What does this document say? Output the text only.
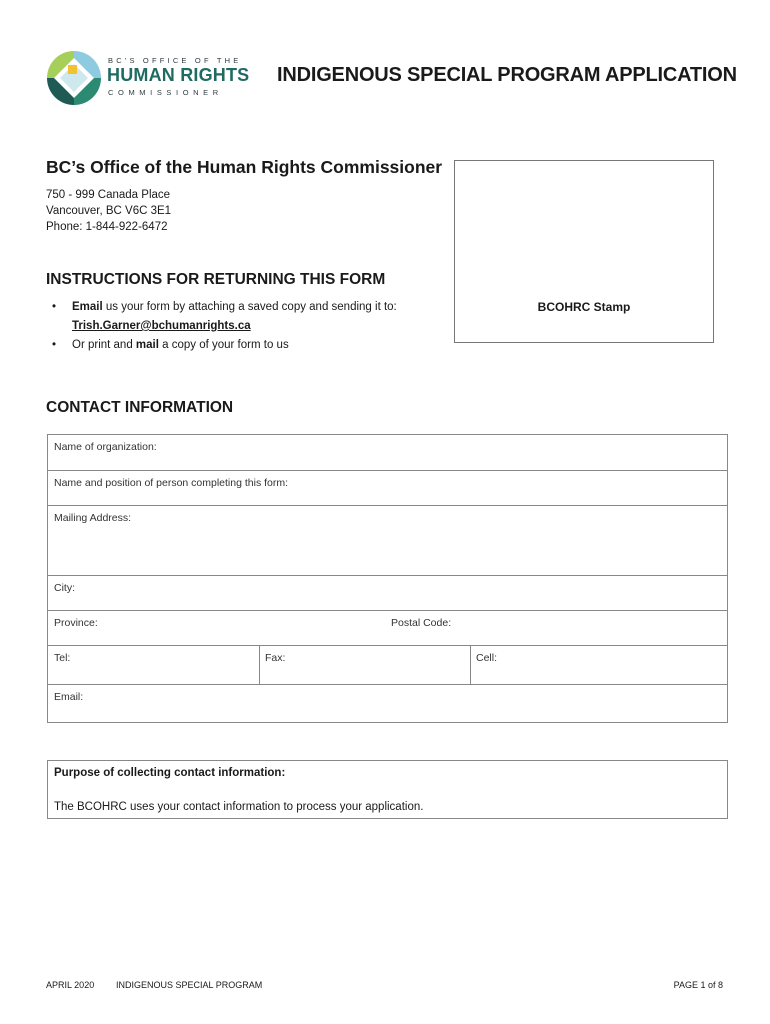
BC'S OFFICE OF THE
HUMAN RIGHTS
COMMISSIONER
INDIGENOUS SPECIAL PROGRAM APPLICATION
BC’s Office of the Human Rights Commissioner
750 - 999 Canada Place
Vancouver, BC V6C 3E1
Phone: 1-844-922-6472
BCOHRC Stamp
INSTRUCTIONS FOR RETURNING THIS FORM
Email us your form by attaching a saved copy and sending it to:
Trish.Garner@bchumanrights.ca
Or print and mail a copy of your form to us
CONTACT INFORMATION
Name of organization:
Name and position of person completing this form:
Mailing Address:
City:
Province:	Postal Code:
Tel:	Fax:	Cell:
Email:
Purpose of collecting contact information:
The BCOHRC uses your contact information to process your application.
APRIL 2020 INDIGENOUS SPECIAL PROGRAM	PAGE 1 of 8
